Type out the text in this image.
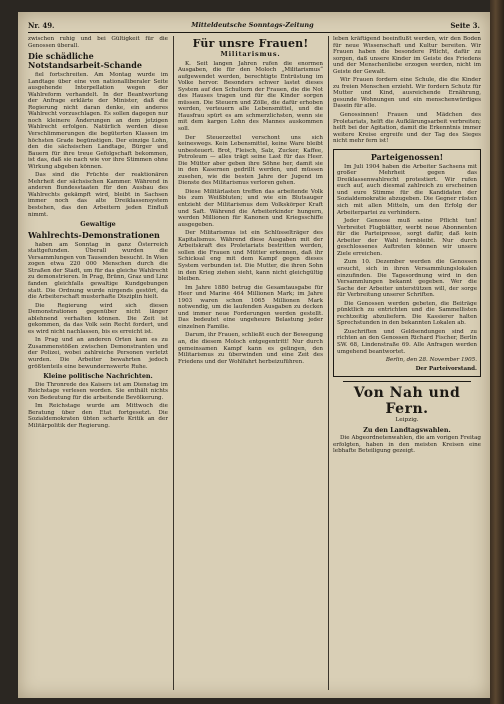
Nr. 49.	Mitteldeutsche Sonntags-Zeitung	Seite 3.

zwischen ruhig und bei Gültigkeit für die Genossen überall.

Die schädliche Notstandsarbeit-Schande

fiel fortschreiten. Am Montag wurde im Landtage über eine von nationalliberaler Seite ausgehende Interpellation wegen der Wahlreform verhandelt. In der Beantwortung der Anfrage erklärte der Minister, daß die Regierung nicht daran denke, ein anderes Wahlrecht vorzuschlagen. Es sollen dagegen nur noch kleinere Änderungen an dem jetzigen Wahlrecht erfolgen. Natürlich werden diese Verschlimmerungen die begüterten Klassen im höchsten Grade begünstigen. Der einzige Lohn, den die sächsischen Landtage, Bürger und Bauern für ihre treue Gefolgschaft bekommen, ist das, daß sie nach wie vor ihre Stimmen ohne Wirkung abgeben können.

Das sind die Früchte der reaktionären Mehrheit der sächsischen Kammer. Während in anderen Bundesstaaten für den Ausbau des Wahlrechts gekämpft wird, bleibt in Sachsen immer noch das alte Dreiklassensystem bestehen, das den Arbeitern jeden Einfluß nimmt.

Gewaltige
Wahlrechts-Demonstrationen

haben am Sonntag in ganz Österreich stattgefunden. Überall wurden die Versammlungen von Tausenden besucht. In Wien zogen etwa 220 000 Menschen durch die Straßen der Stadt, um für das gleiche Wahlrecht zu demonstrieren. In Prag, Brünn, Graz und Linz fanden gleichfalls gewaltige Kundgebungen statt. Die Ordnung wurde nirgends gestört, da die Arbeiterschaft musterhafte Disziplin hielt.

Die Regierung wird sich diesen Demonstrationen gegenüber nicht länger ablehnend verhalten können. Die Zeit ist gekommen, da das Volk sein Recht fordert, und es wird nicht nachlassen, bis es erreicht ist.

In Prag und an anderen Orten kam es zu Zusammenstößen zwischen Demonstranten und der Polizei, wobei zahlreiche Personen verletzt wurden. Die Arbeiter bewahrten jedoch größtenteils eine bewundernswerte Ruhe.

Kleine politische Nachrichten.

Die Thronrede des Kaisers ist am Dienstag im Reichstage verlesen worden. Sie enthält nichts von Bedeutung für die arbeitende Bevölkerung.

Im Reichstage wurde am Mittwoch die Beratung über den Etat fortgesetzt. Die Sozialdemokraten übten scharfe Kritik an der Militärpolitik der Regierung.

Für unsre Frauen!
Militarismus.

K. Seit langen Jahren rufen die enormen Ausgaben, die für den Moloch „Militarismus“ aufgewendet werden, berechtigte Entrüstung im Volke hervor. Besonders schwer lastet dieses System auf den Schultern der Frauen, die die Not des Hauses tragen und für die Kinder sorgen müssen. Die Steuern und Zölle, die dafür erhoben werden, verteuern alle Lebensmittel, und die Hausfrau spürt es am schmerzlichsten, wenn sie mit dem kargen Lohn des Mannes auskommen soll.

Der Steuerzettel verschont uns sich keineswegs. Kein Lebensmittel, keine Ware bleibt unbesteuert. Brot, Fleisch, Salz, Zucker, Kaffee, Petroleum — alles trägt seine Last für das Heer. Die Mütter aber geben ihre Söhne her, damit sie in den Kasernen gedrillt werden, und müssen zusehen, wie die besten Jahre der Jugend im Dienste des Militarismus verloren gehen.

Diese Militärlasten treffen das arbeitende Volk bis zum Weißbluten; und wie ein Blutsauger entzieht der Militarismus dem Volkskörper Kraft und Saft. Während die Arbeiterkinder hungern, werden Millionen für Kanonen und Kriegsschiffe ausgegeben.

Der Militarismus ist ein Schlüsselträger des Kapitalismus. Während diese Ausgaben mit der Arbeitskraft des Proletariats bestritten werden, sollen die Frauen und Mütter erkennen, daß ihr Schicksal eng mit dem Kampf gegen dieses System verbunden ist. Die Mutter, die ihren Sohn in den Krieg ziehen sieht, kann nicht gleichgültig bleiben.

Im Jahre 1880 betrug die Gesamtausgabe für Heer und Marine 464 Millionen Mark; im Jahre 1903 waren schon 1065 Millionen Mark notwendig, um die laufenden Ausgaben zu decken und immer neue Forderungen werden gestellt. Das bedeutet eine ungeheure Belastung jeder einzelnen Familie.

Darum, ihr Frauen, schließt euch der Bewegung an, die diesem Moloch entgegentritt! Nur durch gemeinsamen Kampf kann es gelingen, den Militarismus zu überwinden und eine Zeit des Friedens und der Wohlfahrt herbeizuführen.

leben kräftigend beeinflußt werden, wir den Boden für neue Wissenschaft und Kultur bereiten. Wir Frauen haben die besondere Pflicht, dafür zu sorgen, daß unsere Kinder im Geiste des Friedens und der Menschenliebe erzogen werden, nicht im Geiste der Gewalt.

Wir Frauen fordern eine Schule, die die Kinder zu freien Menschen erzieht. Wir fordern Schutz für Mutter und Kind, ausreichende Ernährung, gesunde Wohnungen und ein menschenwürdiges Dasein für alle.

Genossinnen! Frauen und Mädchen des Proletariats, helft die Aufklärungsarbeit verbreiten; helft bei der Agitation, damit die Erkenntnis immer weitere Kreise ergreife und der Tag des Sieges nicht mehr fern ist!

Parteigenossen!

Im Juli 1904 haben die Arbeiter Sachsens mit großer Mehrheit gegen das Dreiklassenwahlrecht protestiert. Wir rufen euch auf, auch diesmal zahlreich zu erscheinen und eure Stimme für die Kandidaten der Sozialdemokratie abzugeben. Die Gegner rüsten sich mit allen Mitteln, um den Erfolg der Arbeiterpartei zu verhindern.

Jeder Genosse muß seine Pflicht tun! Verbreitet Flugblätter, werbt neue Abonnenten für die Parteipresse, sorgt dafür, daß kein Arbeiter der Wahl fernbleibt. Nur durch geschlossenes Auftreten können wir unsere Ziele erreichen.

Zum 10. Dezember werden die Genossen ersucht, sich in ihren Versammlungslokalen einzufinden. Die Tagesordnung wird in den Versammlungen bekannt gegeben. Wer die Sache der Arbeiter unterstützen will, der sorge für Verbreitung unserer Schriften.

Die Genossen werden gebeten, die Beiträge pünktlich zu entrichten und die Sammellisten rechtzeitig abzuliefern. Die Kassierer halten Sprechstunden in den bekannten Lokalen ab.

Zuschriften und Geldsendungen sind zu richten an den Genossen Richard Fischer, Berlin SW. 68, Lindenstraße 69. Alle Anfragen werden umgehend beantwortet.

Berlin, den 28. November 1905.
Der Parteivorstand.
Von Nah und Fern.
Leipzig.
Zu den Landtagswahlen.

Die Abgeordnetenwahlen, die am vorigen Freitag erfolgten, haben in den meisten Kreisen eine lebhafte Beteiligung gezeigt.
